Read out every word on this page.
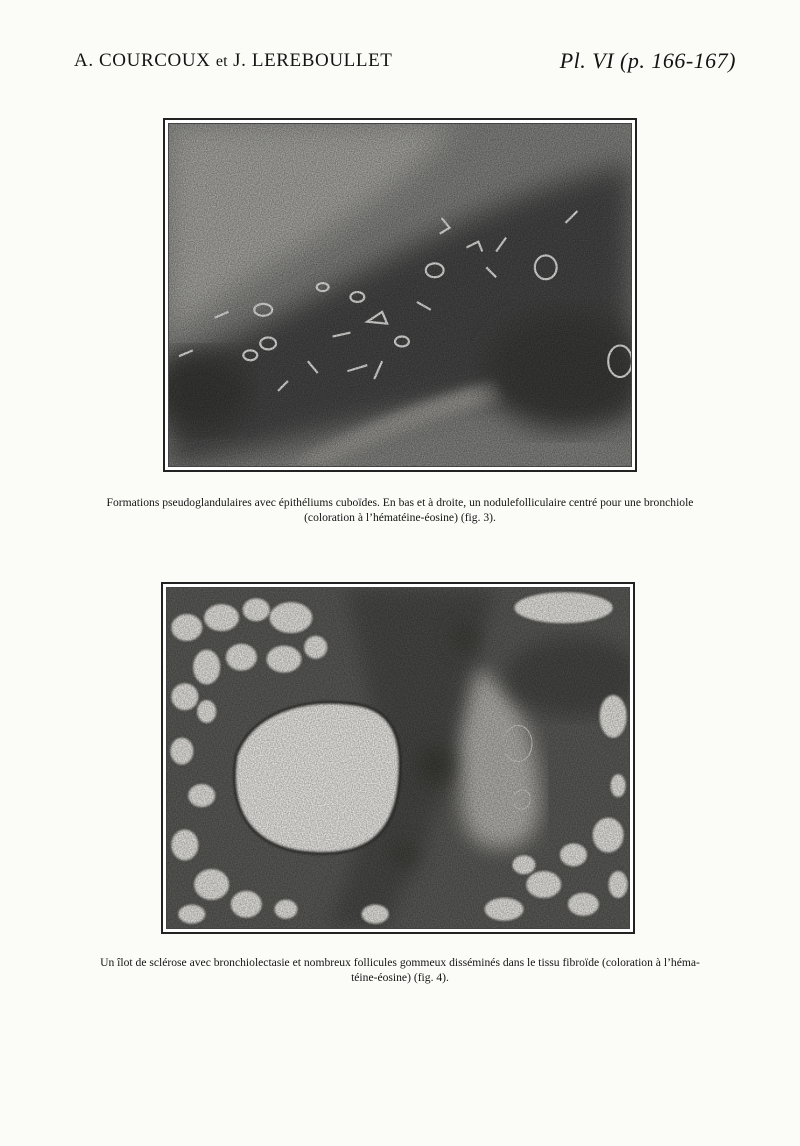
A. COURCOUX et J. LEREBOULLET	Pl. VI (p. 166-167)
Formations pseudoglandulaires avec épithéliums cuboïdes. En bas et à droite, un nodulefolliculaire centré pour une bronchiole
(coloration à l’hématéine-éosine) (fig. 3).
Un îlot de sclérose avec bronchiolectasie et nombreux follicules gommeux disséminés dans le tissu fibroïde (coloration à l’héma-
téine-éosine) (fig. 4).
